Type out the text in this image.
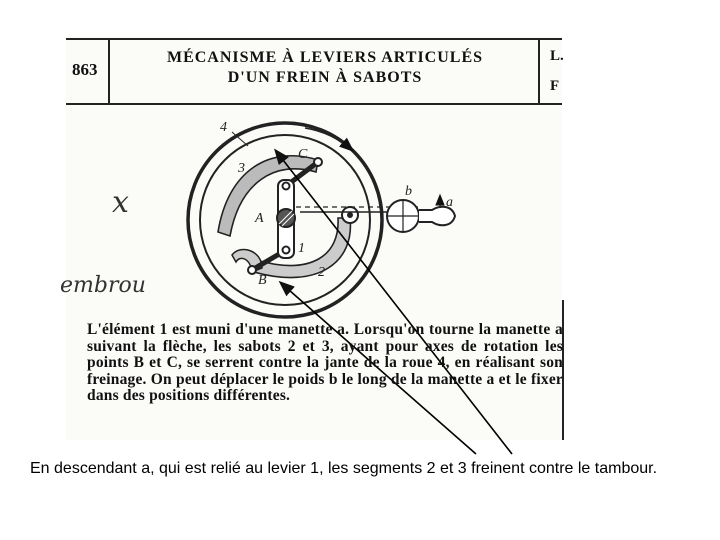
863
MÉCANISME À LEVIERS ARTICULÉS
D'UN FREIN À SABOTS
L.
F
4
3
C
A
1
2
B
b
a
x
embrou
L'élément 1 est muni d'une manette a. Lorsqu'on tourne la manette a suivant la flèche, les sabots 2 et 3, ayant pour axes de rotation les points B et C, se serrent contre la jante de la roue 4, en réalisant son freinage. On peut déplacer le poids b le long de la manette a et le fixer dans des positions différentes.
En descendant a, qui est relié au levier 1, les segments 2 et 3 freinent contre le tambour.
